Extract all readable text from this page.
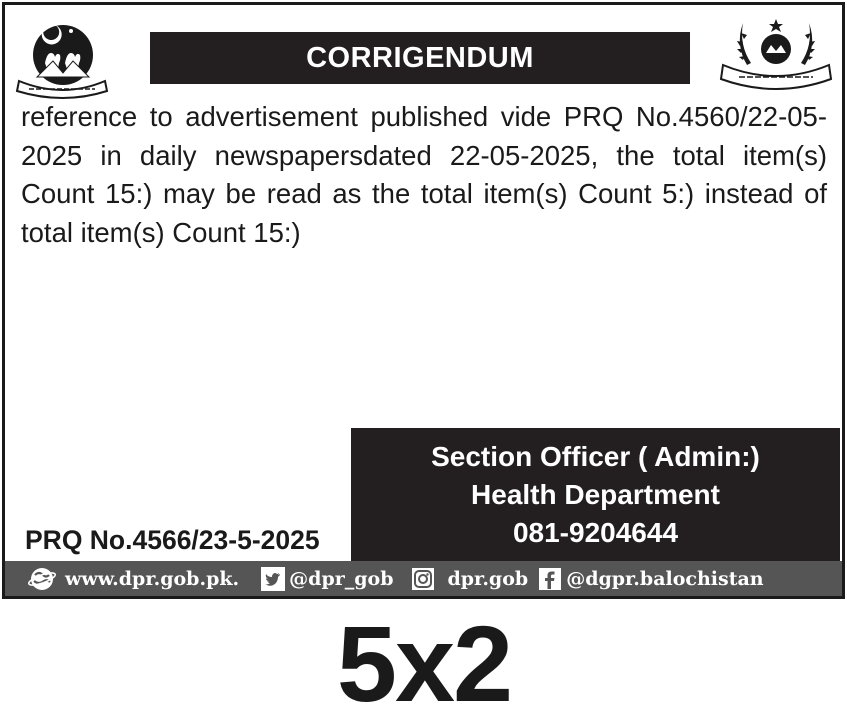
CORRIGENDUM

reference to advertisement published vide PRQ No.4560/22-05-2025 in daily newspapersdated 22-05-2025, the total item(s) Count 15:) may be read as the total item(s) Count 5:) instead of total item(s) Count 15:)

Section Officer ( Admin:)
Health Department
081-9204644
PRQ No.4566/23-5-2025
www.dpr.gob.pk.	@dpr_gob	dpr.gob @dgpr.balochistan
5x2
